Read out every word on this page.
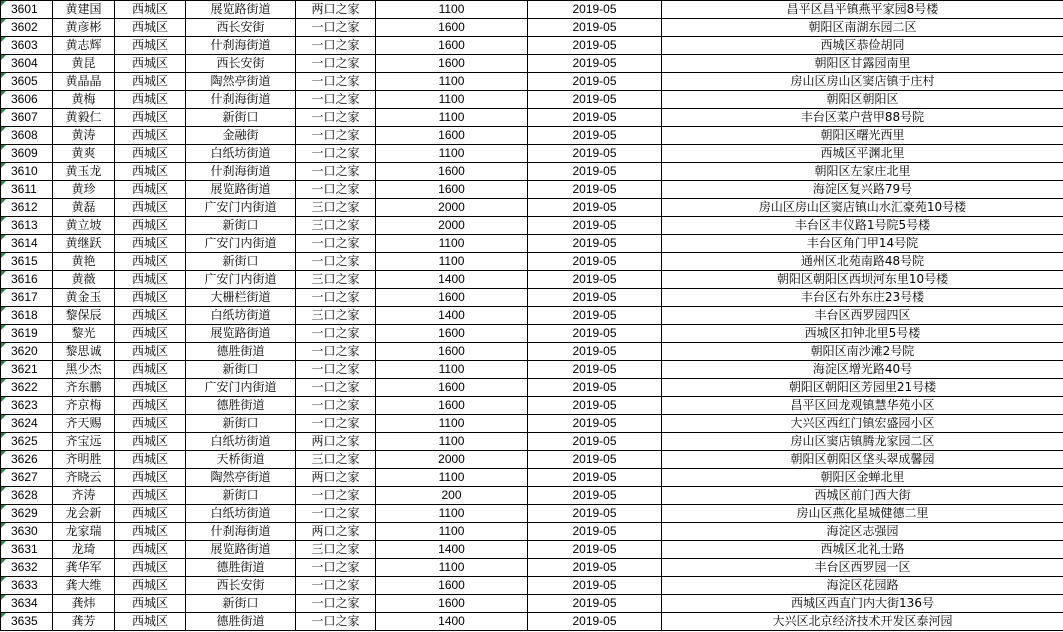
3601	黄建国	西城区	展览路街道	两口之家	1100	2019-05	昌平区昌平镇燕平家园8号楼

3602	黄彦彬	西城区	西长安街	一口之家	1600	2019-05	朝阳区南湖东园二区

3603	黄志辉	西城区	什刹海街道	一口之家	1600	2019-05	西城区恭俭胡同

3604	黄昆	西城区	西长安街	一口之家	1600	2019-05	朝阳区甘露园南里

3605	黄晶晶	西城区	陶然亭街道	一口之家	1100	2019-05	房山区房山区窦店镇于庄村

3606	黄梅	西城区	什刹海街道	一口之家	1100	2019-05	朝阳区朝阳区

3607	黄毅仁	西城区	新街口	一口之家	1100	2019-05	丰台区菜户营甲88号院

3608	黄涛	西城区	金融街	一口之家	1600	2019-05	朝阳区曙光西里

3609	黄爽	西城区	白纸坊街道	一口之家	1100	2019-05	西城区平渊北里

3610	黄玉龙	西城区	什刹海街道	一口之家	1600	2019-05	朝阳区左家庄北里

3611	黄珍	西城区	展览路街道	一口之家	1600	2019-05	海淀区复兴路79号

3612	黄磊	西城区	广安门内街道	三口之家	2000	2019-05	房山区房山区窦店镇山水汇豪苑10号楼

3613	黄立坡	西城区	新街口	三口之家	2000	2019-05	丰台区丰仪路1号院5号楼

3614	黄继跃	西城区	广安门内街道	一口之家	1100	2019-05	丰台区角门甲14号院

3615	黄艳	西城区	新街口	一口之家	1100	2019-05	通州区北苑南路48号院

3616	黄薇	西城区	广安门内街道	三口之家	1400	2019-05	朝阳区朝阳区西坝河东里10号楼

3617	黄金玉	西城区	大栅栏街道	一口之家	1600	2019-05	丰台区右外东庄23号楼

3618	黎保辰	西城区	白纸坊街道	三口之家	1400	2019-05	丰台区西罗园四区

3619	黎光	西城区	展览路街道	一口之家	1600	2019-05	西城区扣钟北里5号楼

3620	黎思诚	西城区	德胜街道	一口之家	1600	2019-05	朝阳区南沙滩2号院

3621	黑少杰	西城区	新街口	一口之家	1100	2019-05	海淀区增光路40号

3622	齐东鹏	西城区	广安门内街道	一口之家	1600	2019-05	朝阳区朝阳区芳园里21号楼

3623	齐京梅	西城区	德胜街道	一口之家	1600	2019-05	昌平区回龙观镇慧华苑小区

3624	齐天赐	西城区	新街口	一口之家	1100	2019-05	大兴区西红门镇宏盛园小区

3625	齐宝远	西城区	白纸坊街道	两口之家	1100	2019-05	房山区窦店镇腾龙家园二区

3626	齐明胜	西城区	天桥街道	三口之家	2000	2019-05	朝阳区朝阳区垡头翠成馨园

3627	齐晓云	西城区	陶然亭街道	两口之家	1100	2019-05	朝阳区金蝉北里

3628	齐涛	西城区	新街口	一口之家	200	2019-05	西城区前门西大街

3629	龙会新	西城区	白纸坊街道	一口之家	1100	2019-05	房山区燕化星城健德二里

3630	龙家瑞	西城区	什刹海街道	两口之家	1100	2019-05	海淀区志强园

3631	龙琦	西城区	展览路街道	三口之家	1400	2019-05	西城区北礼士路

3632	龚华军	西城区	德胜街道	一口之家	1100	2019-05	丰台区西罗园一区

3633	龚大维	西城区	西长安街	一口之家	1600	2019-05	海淀区花园路

3634	龚炜	西城区	新街口	一口之家	1600	2019-05	西城区西直门内大街136号

3635	龚芳	西城区	德胜街道	一口之家	1400	2019-05	大兴区北京经济技术开发区泰河园
